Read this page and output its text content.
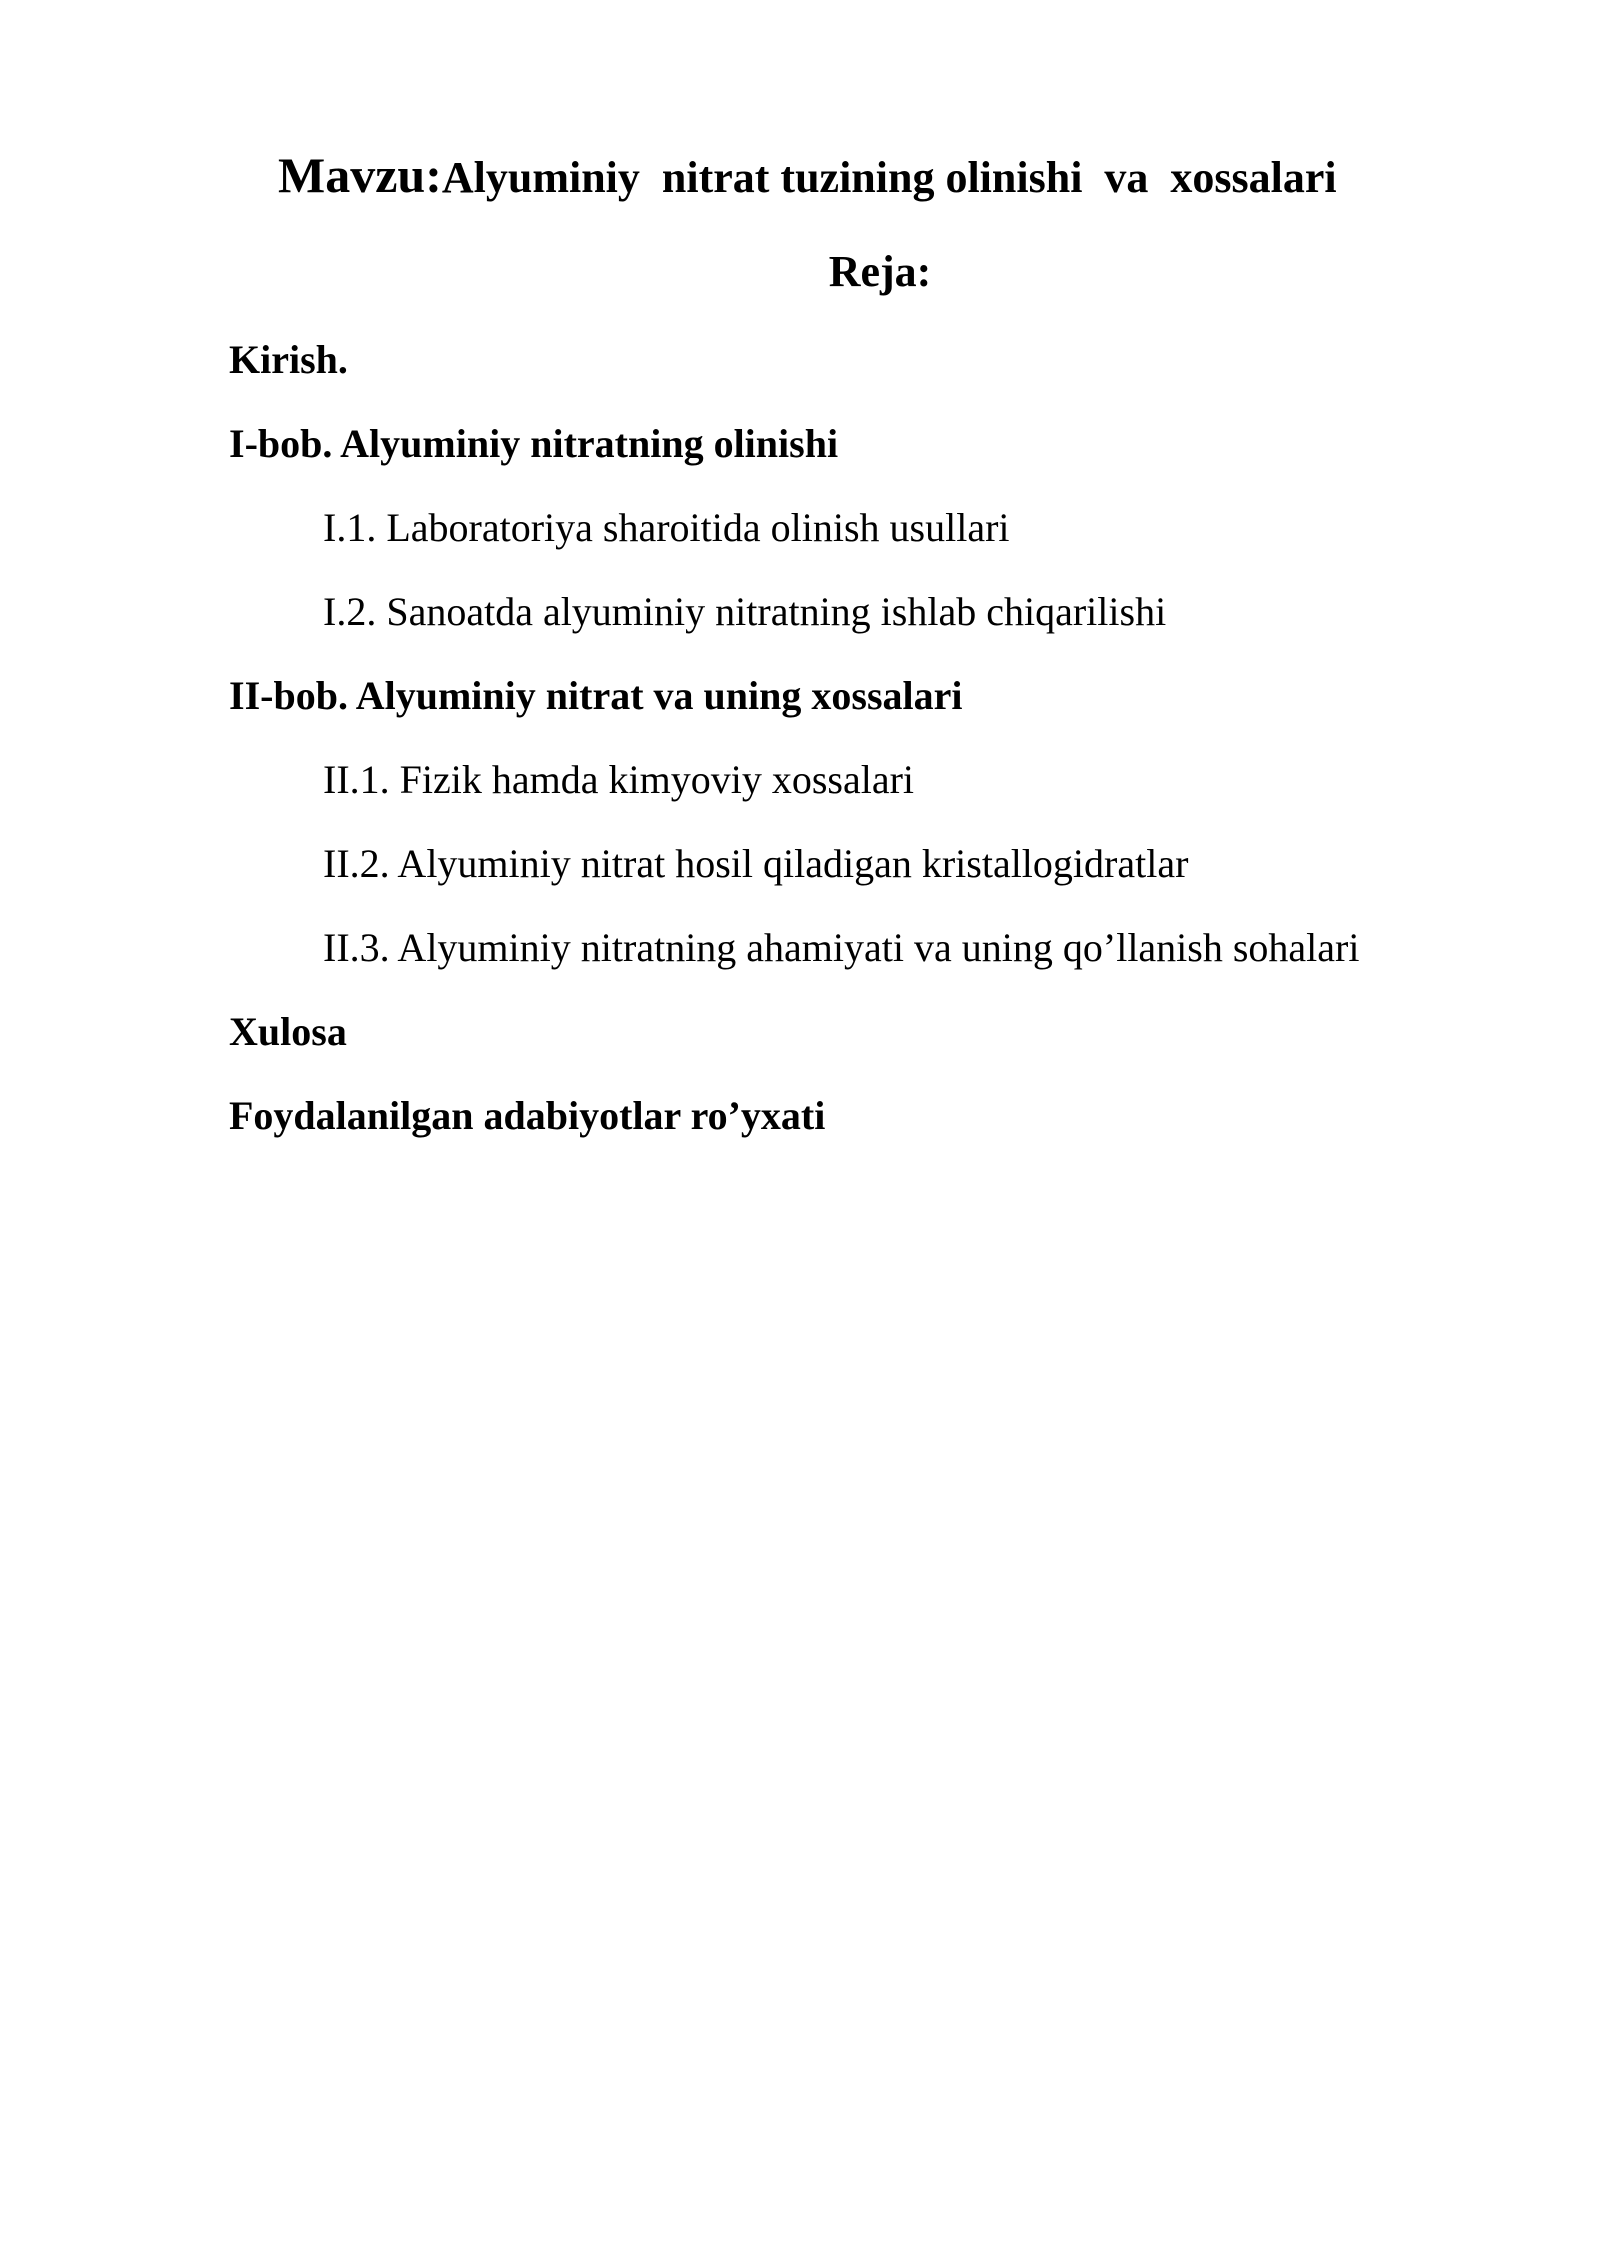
Mavzu:Alyuminiy  nitrat tuzining olinishi  va  xossalari
Reja:
Kirish.
I-bob. Alyuminiy nitratning olinishi
I.1. Laboratoriya sharoitida olinish usullari
I.2. Sanoatda alyuminiy nitratning ishlab chiqarilishi
II-bob. Alyuminiy nitrat va uning xossalari
II.1. Fizik hamda kimyoviy xossalari
II.2. Alyuminiy nitrat hosil qiladigan kristallogidratlar
II.3. Alyuminiy nitratning ahamiyati va uning qo’llanish sohalari
Xulosa
Foydalanilgan adabiyotlar ro’yxati
